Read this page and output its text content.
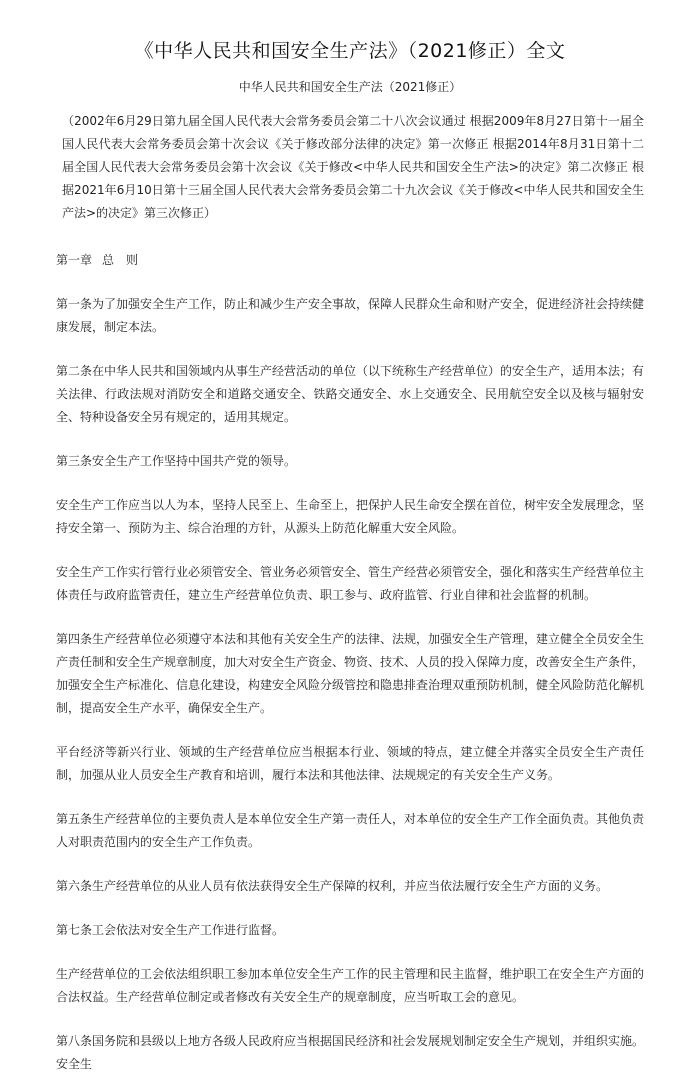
《中华人民共和国安全生产法》（2021修正）全文
中华人民共和国安全生产法（2021修正）

（2002年6月29日第九届全国人民代表大会常务委员会第二十八次会议通过 根据2009年8月27日第十一届全国人民代表大会常务委员会第十次会议《关于修改部分法律的决定》第一次修正 根据2014年8月31日第十二届全国人民代表大会常务委员会第十次会议《关于修改<中华人民共和国安全生产法>的决定》第二次修正 根据2021年6月10日第十三届全国人民代表大会常务委员会第二十九次会议《关于修改<中华人民共和国安全生产法>的决定》第三次修正）

第一章 总则

第一条为了加强安全生产工作，防止和减少生产安全事故，保障人民群众生命和财产安全，促进经济社会持续健康发展，制定本法。

第二条在中华人民共和国领域内从事生产经营活动的单位（以下统称生产经营单位）的安全生产，适用本法；有关法律、行政法规对消防安全和道路交通安全、铁路交通安全、水上交通安全、民用航空安全以及核与辐射安全、特种设备安全另有规定的，适用其规定。

第三条安全生产工作坚持中国共产党的领导。

安全生产工作应当以人为本，坚持人民至上、生命至上，把保护人民生命安全摆在首位，树牢安全发展理念，坚持安全第一、预防为主、综合治理的方针，从源头上防范化解重大安全风险。

安全生产工作实行管行业必须管安全、管业务必须管安全、管生产经营必须管安全，强化和落实生产经营单位主体责任与政府监管责任，建立生产经营单位负责、职工参与、政府监管、行业自律和社会监督的机制。

第四条生产经营单位必须遵守本法和其他有关安全生产的法律、法规，加强安全生产管理，建立健全全员安全生产责任制和安全生产规章制度，加大对安全生产资金、物资、技术、人员的投入保障力度，改善安全生产条件，加强安全生产标准化、信息化建设，构建安全风险分级管控和隐患排查治理双重预防机制，健全风险防范化解机制，提高安全生产水平，确保安全生产。

平台经济等新兴行业、领域的生产经营单位应当根据本行业、领域的特点，建立健全并落实全员安全生产责任制，加强从业人员安全生产教育和培训，履行本法和其他法律、法规规定的有关安全生产义务。

第五条生产经营单位的主要负责人是本单位安全生产第一责任人，对本单位的安全生产工作全面负责。其他负责人对职责范围内的安全生产工作负责。

第六条生产经营单位的从业人员有依法获得安全生产保障的权利，并应当依法履行安全生产方面的义务。

第七条工会依法对安全生产工作进行监督。

生产经营单位的工会依法组织职工参加本单位安全生产工作的民主管理和民主监督，维护职工在安全生产方面的合法权益。生产经营单位制定或者修改有关安全生产的规章制度，应当听取工会的意见。

第八条国务院和县级以上地方各级人民政府应当根据国民经济和社会发展规划制定安全生产规划，并组织实施。安全生
